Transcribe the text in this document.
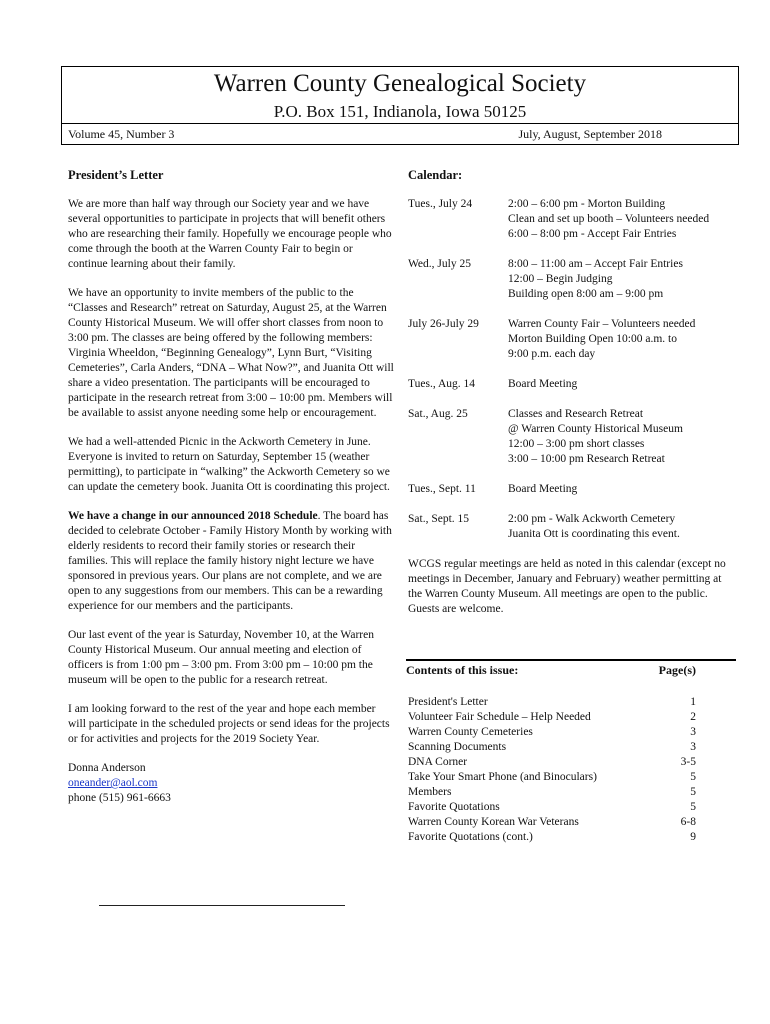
Warren County Genealogical Society
P.O. Box 151, Indianola, Iowa 50125
Volume 45, Number 3	July, August, September 2018

President’s Letter

We are more than half way through our Society year and we have several opportunities to participate in projects that will benefit others who are researching their family. Hopefully we encourage people who come through the booth at the Warren County Fair to begin or continue learning about their family.

We have an opportunity to invite members of the public to the “Classes and Research” retreat on Saturday, August 25, at the Warren County Historical Museum. We will offer short classes from noon to 3:00 pm. The classes are being offered by the following members: Virginia Wheeldon, “Beginning Genealogy”, Lynn Burt, “Visiting Cemeteries”, Carla Anders, “DNA – What Now?”, and Juanita Ott will share a video presentation. The participants will be encouraged to participate in the research retreat from 3:00 – 10:00 pm. Members will be available to assist anyone needing some help or encouragement.

We had a well-attended Picnic in the Ackworth Cemetery in June. Everyone is invited to return on Saturday, September 15 (weather permitting), to participate in “walking” the Ackworth Cemetery so we can update the cemetery book. Juanita Ott is coordinating this project.

We have a change in our announced 2018 Schedule. The board has decided to celebrate October - Family History Month by working with elderly residents to record their family stories or research their families. This will replace the family history night lecture we have sponsored in previous years. Our plans are not complete, and we are open to any suggestions from our members. This can be a rewarding experience for our members and the participants.

Our last event of the year is Saturday, November 10, at the Warren County Historical Museum. Our annual meeting and election of officers is from 1:00 pm – 3:00 pm. From 3:00 pm – 10:00 pm the museum will be open to the public for a research retreat.

I am looking forward to the rest of the year and hope each member will participate in the scheduled projects or send ideas for the projects or for activities and projects for the 2019 Society Year.

Donna Anderson
oneander@aol.com
phone (515) 961-6663

Calendar:

Tues., July 24	2:00 – 6:00 pm - Morton Building
Clean and set up booth – Volunteers needed
6:00 – 8:00 pm - Accept Fair Entries
Wed., July 25	8:00 – 11:00 am – Accept Fair Entries
12:00 – Begin Judging
Building open 8:00 am – 9:00 pm
July 26-July 29	Warren County Fair – Volunteers needed
Morton Building Open 10:00 a.m. to
9:00 p.m. each day
Tues., Aug. 14	Board Meeting
Sat., Aug. 25	Classes and Research Retreat
@ Warren County Historical Museum
12:00 – 3:00 pm short classes
3:00 – 10:00 pm Research Retreat
Tues., Sept. 11	Board Meeting
Sat., Sept. 15	2:00 pm - Walk Ackworth Cemetery
Juanita Ott is coordinating this event.

WCGS regular meetings are held as noted in this calendar (except no meetings in December, January and February) weather permitting at the Warren County Museum. All meetings are open to the public. Guests are welcome.

Contents of this issue:	Page(s)
President's Letter	1
Volunteer Fair Schedule – Help Needed	2
Warren County Cemeteries	3
Scanning Documents	3
DNA Corner	3-5
Take Your Smart Phone (and Binoculars)	5
Members	5
Favorite Quotations	5
Warren County Korean War Veterans	6-8
Favorite Quotations (cont.)	9
